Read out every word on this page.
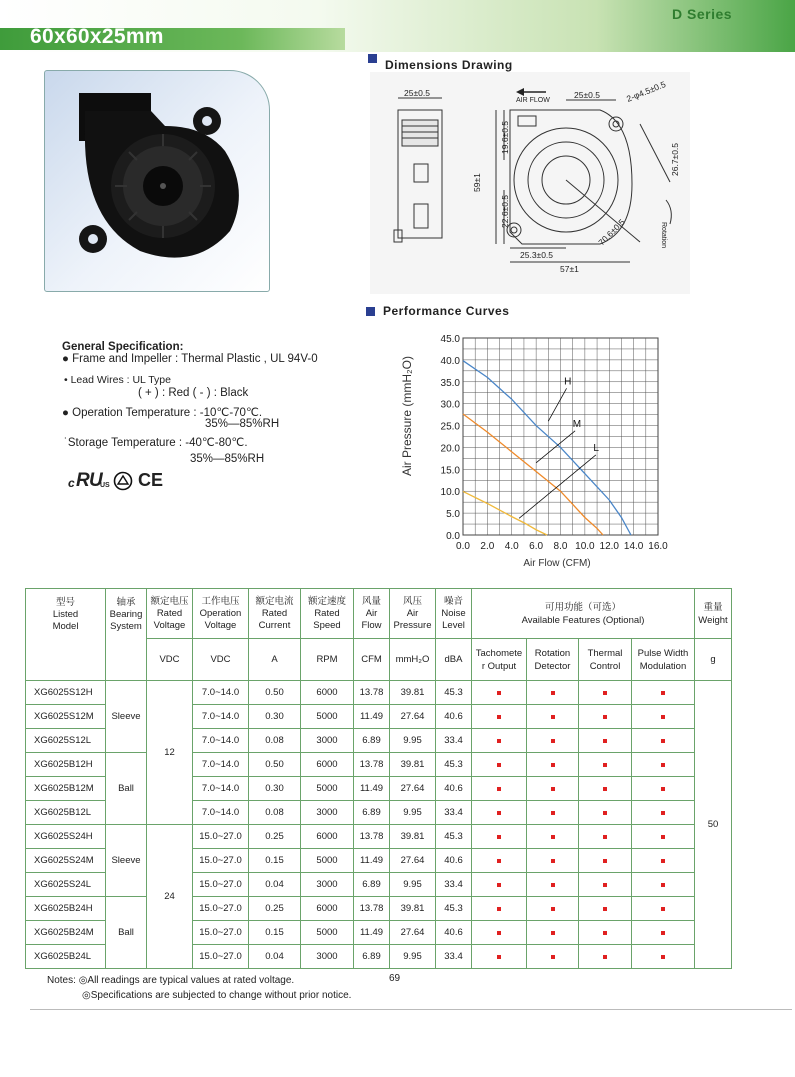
60x60x25mm
D Series
Dimensions Drawing
25±0.5
AIR FLOW
25±0.5	2-φ4.5±0.5
19.6±0.5
59±1
22.6±0.5
26.7±0.5
70.6±0.5
25.3±0.5
57±1
Rotation
Performance Curves
0.0 2.0 4.0 6.0 8.0 10.0 12.0 14.0 16.0
0.0
5.0
10.0
15.0
20.0
25.0
30.0
35.0
40.0
45.0
H
M
L
Air Pressure (mmH₂O)
Air Flow (CFM)
General Specification:
● Frame and Impeller : Thermal Plastic , UL 94V-0
• Lead Wires : UL Type
( + ) : Red ( - ) : Black
● Operation Temperature : -10℃-70℃.
35%—85%RH
˙Storage Temperature : -40℃-80℃.
35%—85%RH
c R U US CE
型号
Listed
Model	轴承
Bearing
System	额定电压
Rated
Voltage	工作电压
Operation
Voltage	额定电流
Rated
Current	额定速度
Rated
Speed	风量
Air
Flow	风压
Air
Pressure	噪音
Noise
Level	可用功能（可选）
Available Features (Optional)				重量
Weight
		VDC	VDC	A	RPM	CFM	mmH₂O	dBA	Tachomete
r Output	Rotation
Detector	Thermal
Control	Pulse Width
Modulation	g
XG6025S12H	Sleeve	12	7.0~14.0	0.50	6000	13.78	39.81	45.3					50
XG6025S12M			7.0~14.0	0.30	5000	11.49	27.64	40.6					
XG6025S12L			7.0~14.0	0.08	3000	6.89	9.95	33.4					
XG6025B12H	Ball		7.0~14.0	0.50	6000	13.78	39.81	45.3					
XG6025B12M			7.0~14.0	0.30	5000	11.49	27.64	40.6					
XG6025B12L			7.0~14.0	0.08	3000	6.89	9.95	33.4					
XG6025S24H	Sleeve	24	15.0~27.0	0.25	6000	13.78	39.81	45.3					
XG6025S24M			15.0~27.0	0.15	5000	11.49	27.64	40.6					
XG6025S24L			15.0~27.0	0.04	3000	6.89	9.95	33.4					
XG6025B24H	Ball		15.0~27.0	0.25	6000	13.78	39.81	45.3					
XG6025B24M			15.0~27.0	0.15	5000	11.49	27.64	40.6					
XG6025B24L			15.0~27.0	0.04	3000	6.89	9.95	33.4					
Notes: ◎All readings are typical values at rated voltage.
◎Specifications are subjected to change without prior notice.
69
